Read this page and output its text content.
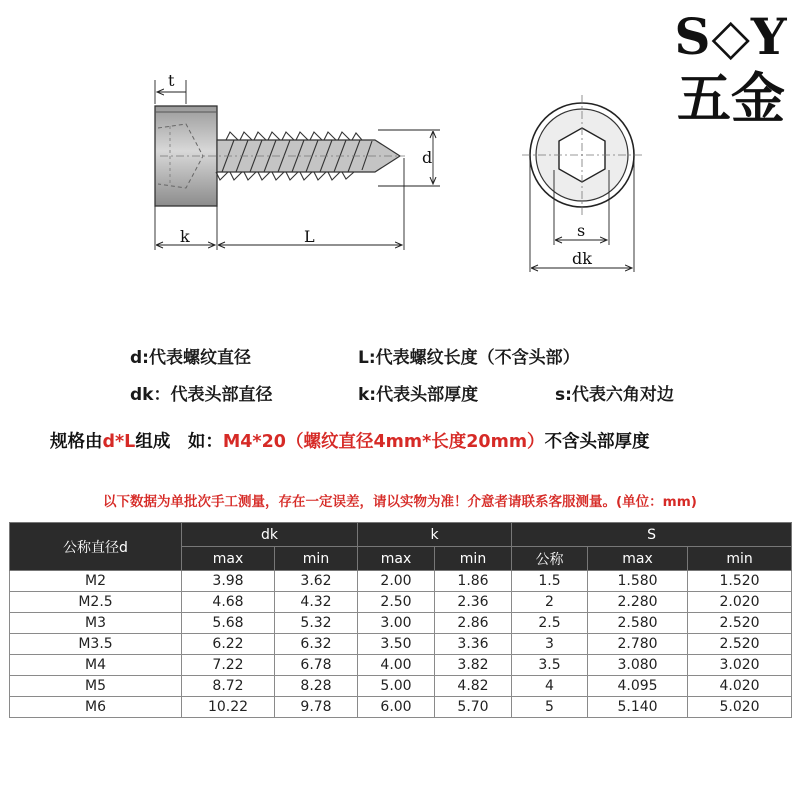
S◇Y
五金
t
k	L
d
s
dk
d:代表螺纹直径	L:代表螺纹长度（不含头部）
dk：代表头部直径	k:代表头部厚度	s:代表六角对边
规格由d*L组成　如：M4*20（螺纹直径4mm*长度20mm）不含头部厚度
以下数据为单批次手工测量，存在一定误差，请以实物为准！介意者请联系客服测量。(单位：mm)
公称直径d	dk		k		S		
	max	min	max	min	公称	max	min
M2	3.98	3.62	2.00	1.86	1.5	1.580	1.520
M2.5	4.68	4.32	2.50	2.36	2	2.280	2.020
M3	5.68	5.32	3.00	2.86	2.5	2.580	2.520
M3.5	6.22	6.32	3.50	3.36	3	2.780	2.520
M4	7.22	6.78	4.00	3.82	3.5	3.080	3.020
M5	8.72	8.28	5.00	4.82	4	4.095	4.020
M6	10.22	9.78	6.00	5.70	5	5.140	5.020
